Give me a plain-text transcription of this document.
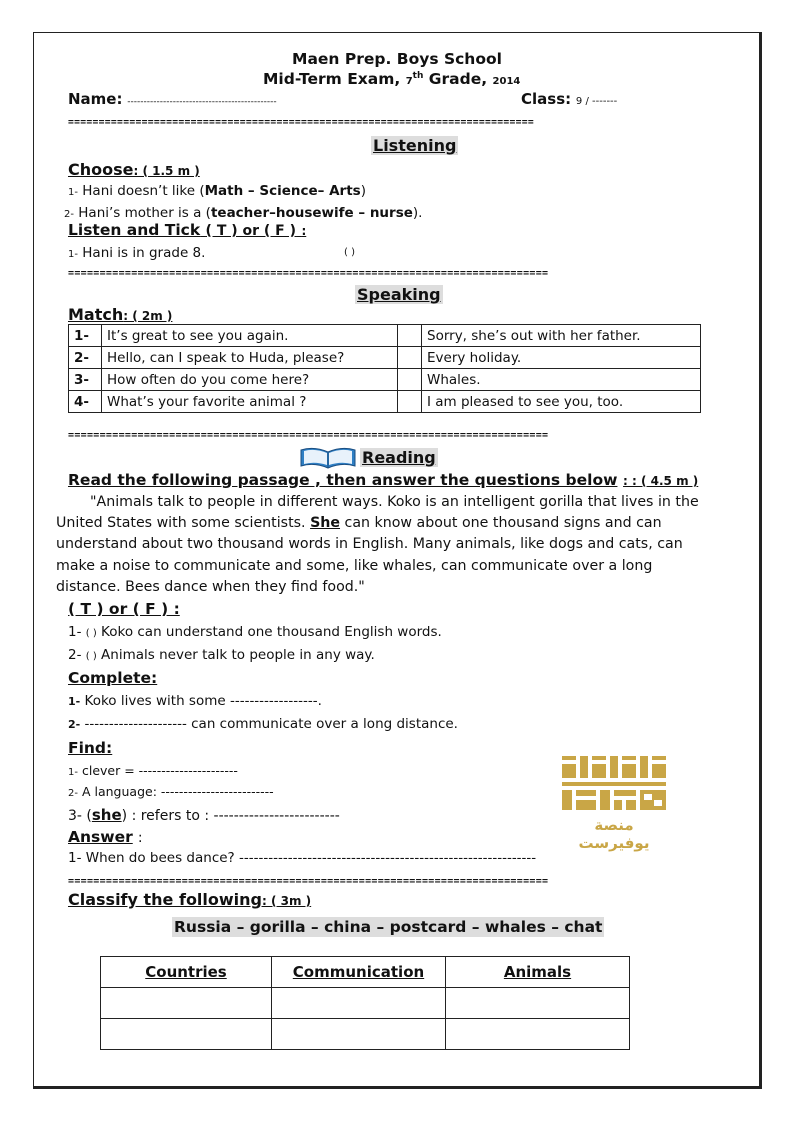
Maen Prep. Boys School
Mid-Term Exam, 7th Grade, 2014
Name: ----------------------------------------------	Class: 9 / -------
============================================================================
Listening
Choose: ( 1.5 m )
1- Hani doesn’t like (Math – Science– Arts)
2- Hani’s mother is a (teacher–housewife – nurse).
Listen and Tick ( T ) or ( F ) :
1- Hani is in grade 8.	( )
============================================================================
Speaking
Match: ( 2m )
1-	It’s great to see you again.		Sorry, she’s out with her father.
2-	Hello, can I speak to Huda, please?		Every holiday.
3-	How often do you come here?		Whales.
4-	What’s your favorite animal ?		I am pleased to see you, too.
============================================================================
Reading
Read the following passage , then answer the questions below : : ( 4.5 m )
"Animals talk to people in different ways. Koko is an intelligent gorilla that lives in the United States with some scientists. She can know about one thousand signs and can understand about two thousand words in English. Many animals, like dogs and cats, can make a noise to communicate and some, like whales, can communicate over a long distance. Bees dance when they find food."
( T ) or ( F ) :
1- ( ) Koko can understand one thousand English words.
2- ( ) Animals never talk to people in any way.
Complete:
1- Koko lives with some ------------------.
2- --------------------- can communicate over a long distance.
Find:
1- clever = ----------------------
2- A language: -------------------------
3- (she) : refers to : -------------------------
Answer :
1- When do bees dance? -------------------------------------------------------------
منصة يوفيرست
============================================================================
Classify the following: ( 3m )
Russia – gorilla – china – postcard – whales – chat
Countries	Communication	Animals
